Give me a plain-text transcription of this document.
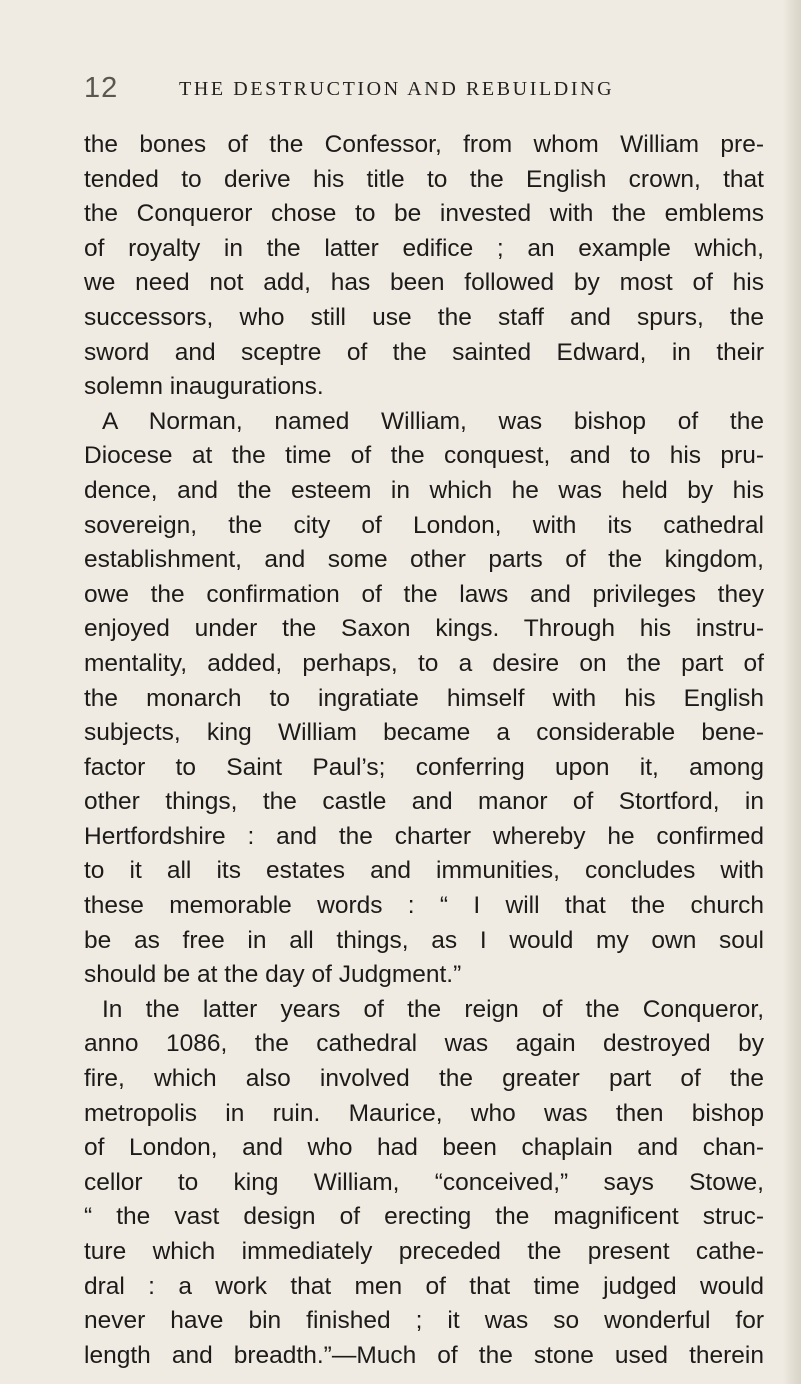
12	THE DESTRUCTION AND REBUILDING
the bones of the Confessor, from whom William pre-
tended to derive his title to the English crown, that
the Conqueror chose to be invested with the emblems
of royalty in the latter edifice ; an example which,
we need not add, has been followed by most of his
successors, who still use the staff and spurs, the
sword and sceptre of the sainted Edward, in their
solemn inaugurations.
A Norman, named William, was bishop of the
Diocese at the time of the conquest, and to his pru-
dence, and the esteem in which he was held by his
sovereign, the city of London, with its cathedral
establishment, and some other parts of the kingdom,
owe the confirmation of the laws and privileges they
enjoyed under the Saxon kings. Through his instru-
mentality, added, perhaps, to a desire on the part of
the monarch to ingratiate himself with his English
subjects, king William became a considerable bene-
factor to Saint Paul’s; conferring upon it, among
other things, the castle and manor of Stortford, in
Hertfordshire : and the charter whereby he confirmed
to it all its estates and immunities, concludes with
these memorable words : “ I will that the church
be as free in all things, as I would my own soul
should be at the day of Judgment.”
In the latter years of the reign of the Conqueror,
anno 1086, the cathedral was again destroyed by
fire, which also involved the greater part of the
metropolis in ruin. Maurice, who was then bishop
of London, and who had been chaplain and chan-
cellor to king William, “conceived,” says Stowe,
“ the vast design of erecting the magnificent struc-
ture which immediately preceded the present cathe-
dral : a work that men of that time judged would
never have bin finished ; it was so wonderful for
length and breadth.”—Much of the stone used therein
